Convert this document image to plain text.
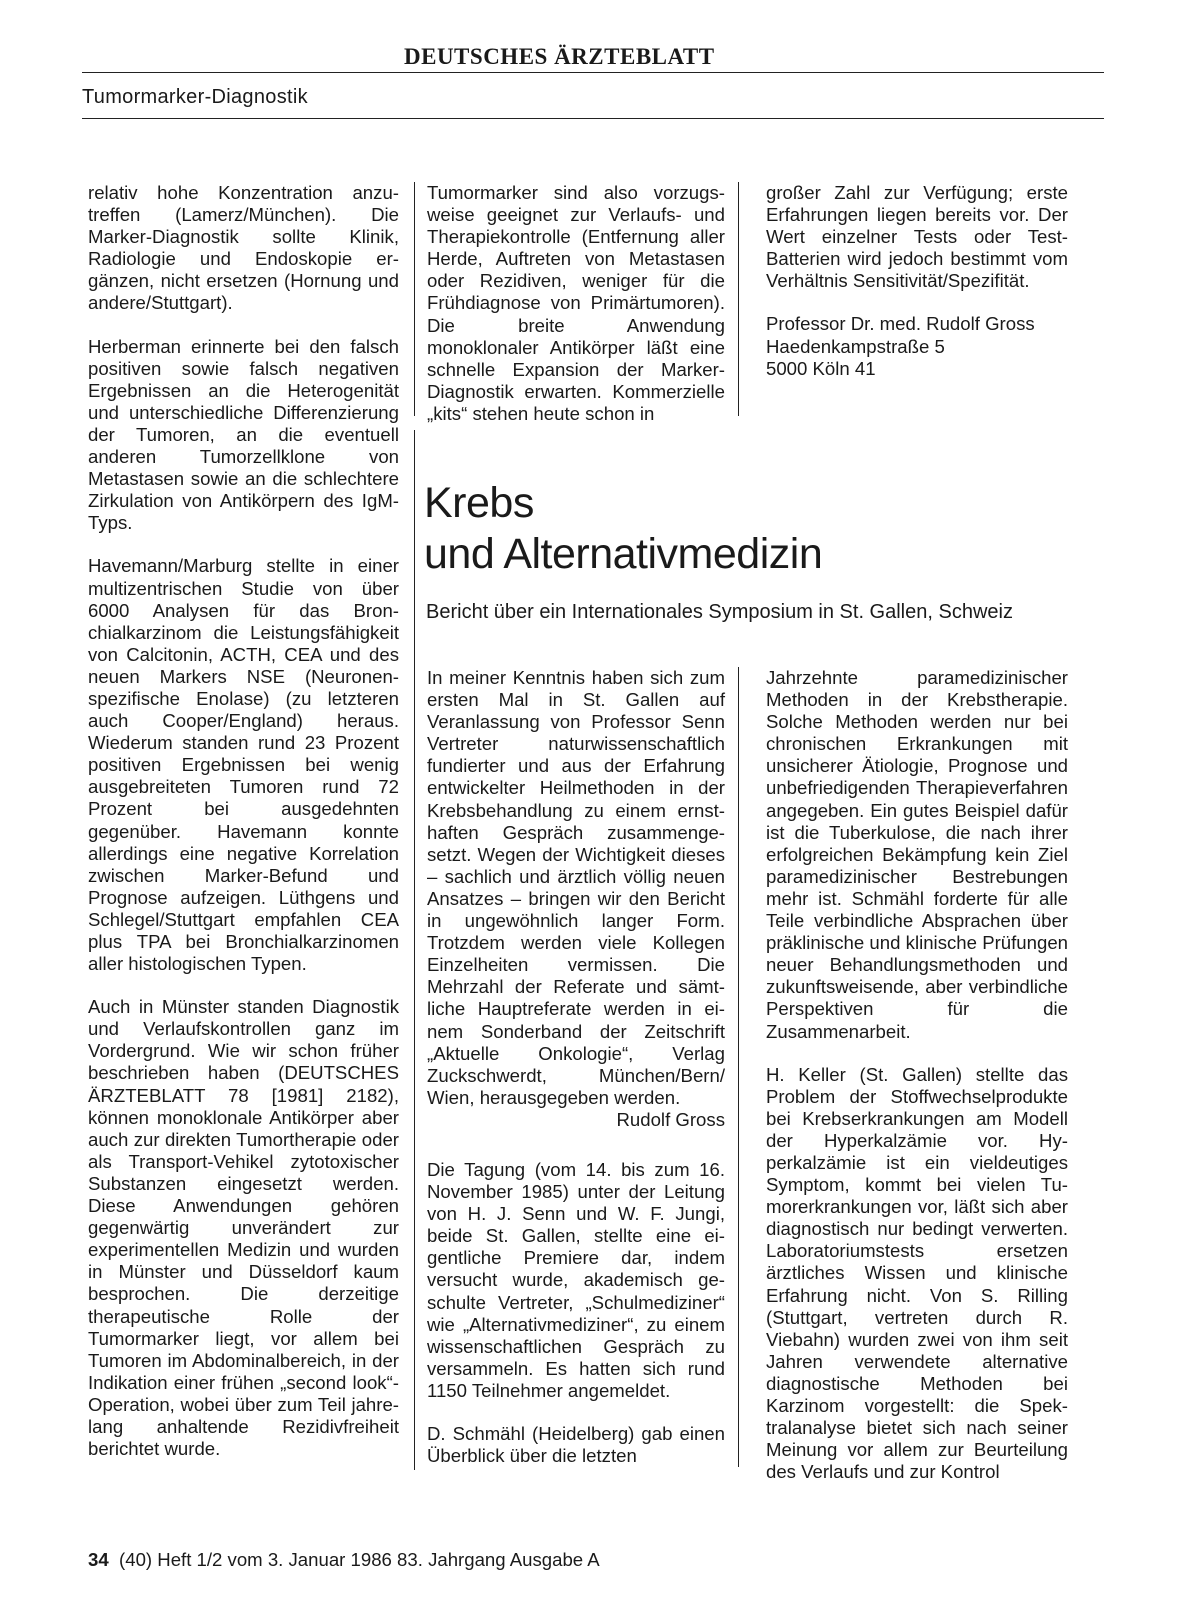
DEUTSCHES ÄRZTEBLATT
Tumormarker-Diagnostik

relativ hohe Konzentration anzutreffen (Lamerz/München). Die Marker-Diagnostik sollte Klinik, Radiologie und Endoskopie ergänzen, nicht ersetzen (Hornung und andere/Stuttgart).

Herberman erinnerte bei den falsch positiven sowie falsch negativen Ergebnissen an die Heterogenität und unterschiedliche Differenzierung der Tumoren, an die eventuell anderen Tumorzellklone von Metastasen sowie an die schlechtere Zirkulation von Antikörpern des IgM-Typs.

Havemann/Marburg stellte in einer multizentrischen Studie von über 6000 Analysen für das Bronchialkarzinom die Leistungsfähigkeit von Calcitonin, ACTH, CEA und des neuen Markers NSE (Neuronen-spezifische Enolase) (zu letzteren auch Cooper/England) heraus. Wiederum standen rund 23 Prozent positiven Ergebnissen bei wenig ausgebreiteten Tumoren rund 72 Prozent bei ausgedehnten gegenüber. Havemann konnte allerdings eine negative Korrelation zwischen Marker-Befund und Prognose aufzeigen. Lüthgens und Schlegel/Stuttgart empfahlen CEA plus TPA bei Bronchialkarzinomen aller histologischen Typen.

Auch in Münster standen Diagnostik und Verlaufskontrollen ganz im Vordergrund. Wie wir schon früher beschrieben haben (DEUTSCHES ÄRZTEBLATT 78 [1981] 2182), können monoklonale Antikörper aber auch zur direkten Tumortherapie oder als Transport-Vehikel zytotoxischer Substanzen eingesetzt werden. Diese Anwendungen gehören gegenwärtig unverändert zur experimentellen Medizin und wurden in Münster und Düsseldorf kaum besprochen. Die derzeitige therapeutische Rolle der Tumormarker liegt, vor allem bei Tumoren im Abdominalbereich, in der Indikation einer frühen „second look“-Operation, wobei über zum Teil jahrelang anhaltende Rezidivfreiheit berichtet wurde.

Tumormarker sind also vorzugsweise geeignet zur Verlaufs- und Therapiekontrolle (Entfernung aller Herde, Auftreten von Metastasen oder Rezidiven, weniger für die Frühdiagnose von Primärtumoren). Die breite Anwendung monoklonaler Antikörper läßt eine schnelle Expansion der Marker-Diagnostik erwarten. Kommerzielle „kits“ stehen heute schon in

großer Zahl zur Verfügung; erste Erfahrungen liegen bereits vor. Der Wert einzelner Tests oder Test-Batterien wird jedoch bestimmt vom Verhältnis Sensitivität/Spezifität.

Professor Dr. med. Rudolf Gross
Haedenkampstraße 5
5000 Köln 41

Krebs
und Alternativmedizin
Bericht über ein Internationales Symposium in St. Gallen, Schweiz

In meiner Kenntnis haben sich zum ersten Mal in St. Gallen auf Veranlassung von Professor Senn Vertreter naturwissenschaftlich fundierter und aus der Erfahrung entwickelter Heilmethoden in der Krebsbehandlung zu einem ernsthaften Gespräch zusammengesetzt. Wegen der Wichtigkeit dieses – sachlich und ärztlich völlig neuen Ansatzes – bringen wir den Bericht in ungewöhnlich langer Form. Trotzdem werden viele Kollegen Einzelheiten vermissen. Die Mehrzahl der Referate und sämtliche Hauptreferate werden in einem Sonderband der Zeitschrift „Aktuelle Onkologie“, Verlag Zuckschwerdt, München/Bern/ Wien, herausgegeben werden.

Rudolf Gross

Die Tagung (vom 14. bis zum 16. November 1985) unter der Leitung von H. J. Senn und W. F. Jungi, beide St. Gallen, stellte eine eigentliche Premiere dar, indem versucht wurde, akademisch geschulte Vertreter, „Schulmediziner“ wie „Alternativmediziner“, zu einem wissenschaftlichen Gespräch zu versammeln. Es hatten sich rund 1150 Teilnehmer angemeldet.

D. Schmähl (Heidelberg) gab einen Überblick über die letzten

Jahrzehnte paramedizinischer Methoden in der Krebstherapie. Solche Methoden werden nur bei chronischen Erkrankungen mit unsicherer Ätiologie, Prognose und unbefriedigenden Therapieverfahren angegeben. Ein gutes Beispiel dafür ist die Tuberkulose, die nach ihrer erfolgreichen Bekämpfung kein Ziel paramedizinischer Bestrebungen mehr ist. Schmähl forderte für alle Teile verbindliche Absprachen über präklinische und klinische Prüfungen neuer Behandlungsmethoden und zukunftsweisende, aber verbindliche Perspektiven für die Zusammenarbeit.

H. Keller (St. Gallen) stellte das Problem der Stoffwechselprodukte bei Krebserkrankungen am Modell der Hyperkalzämie vor. Hyperkalzämie ist ein vieldeutiges Symptom, kommt bei vielen Tumorerkrankungen vor, läßt sich aber diagnostisch nur bedingt verwerten. Laboratoriumstests ersetzen ärztliches Wissen und klinische Erfahrung nicht. Von S. Rilling (Stuttgart, vertreten durch R. Viebahn) wurden zwei von ihm seit Jahren verwendete alternative diagnostische Methoden bei Karzinom vorgestellt: die Spektralanalyse bietet sich nach seiner Meinung vor allem zur Beurteilung des Verlaufs und zur Kontrol

34 (40) Heft 1/2 vom 3. Januar 1986 83. Jahrgang Ausgabe A
